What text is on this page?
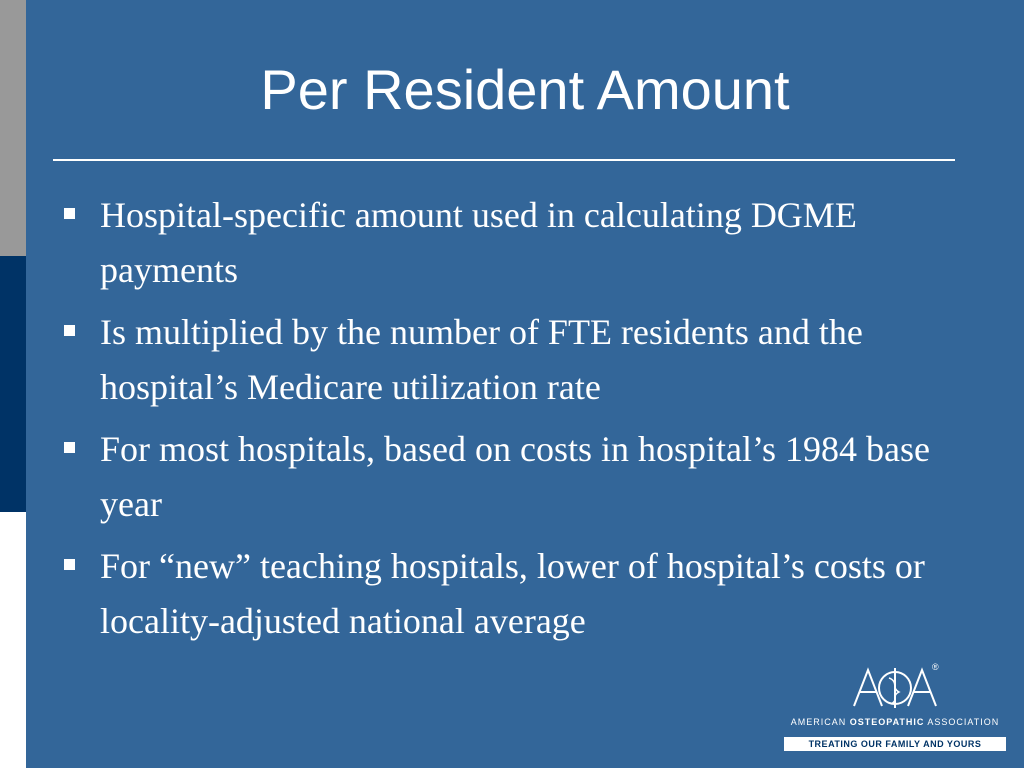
Per Resident Amount
Hospital-specific amount used in calculating DGME payments
Is multiplied by the number of FTE residents and the hospital’s Medicare utilization rate
For most hospitals, based on costs in hospital’s 1984 base year
For “new” teaching hospitals, lower of hospital’s costs or locality-adjusted national average
®
AMERICAN OSTEOPATHIC ASSOCIATION
TREATING OUR FAMILY AND YOURS
